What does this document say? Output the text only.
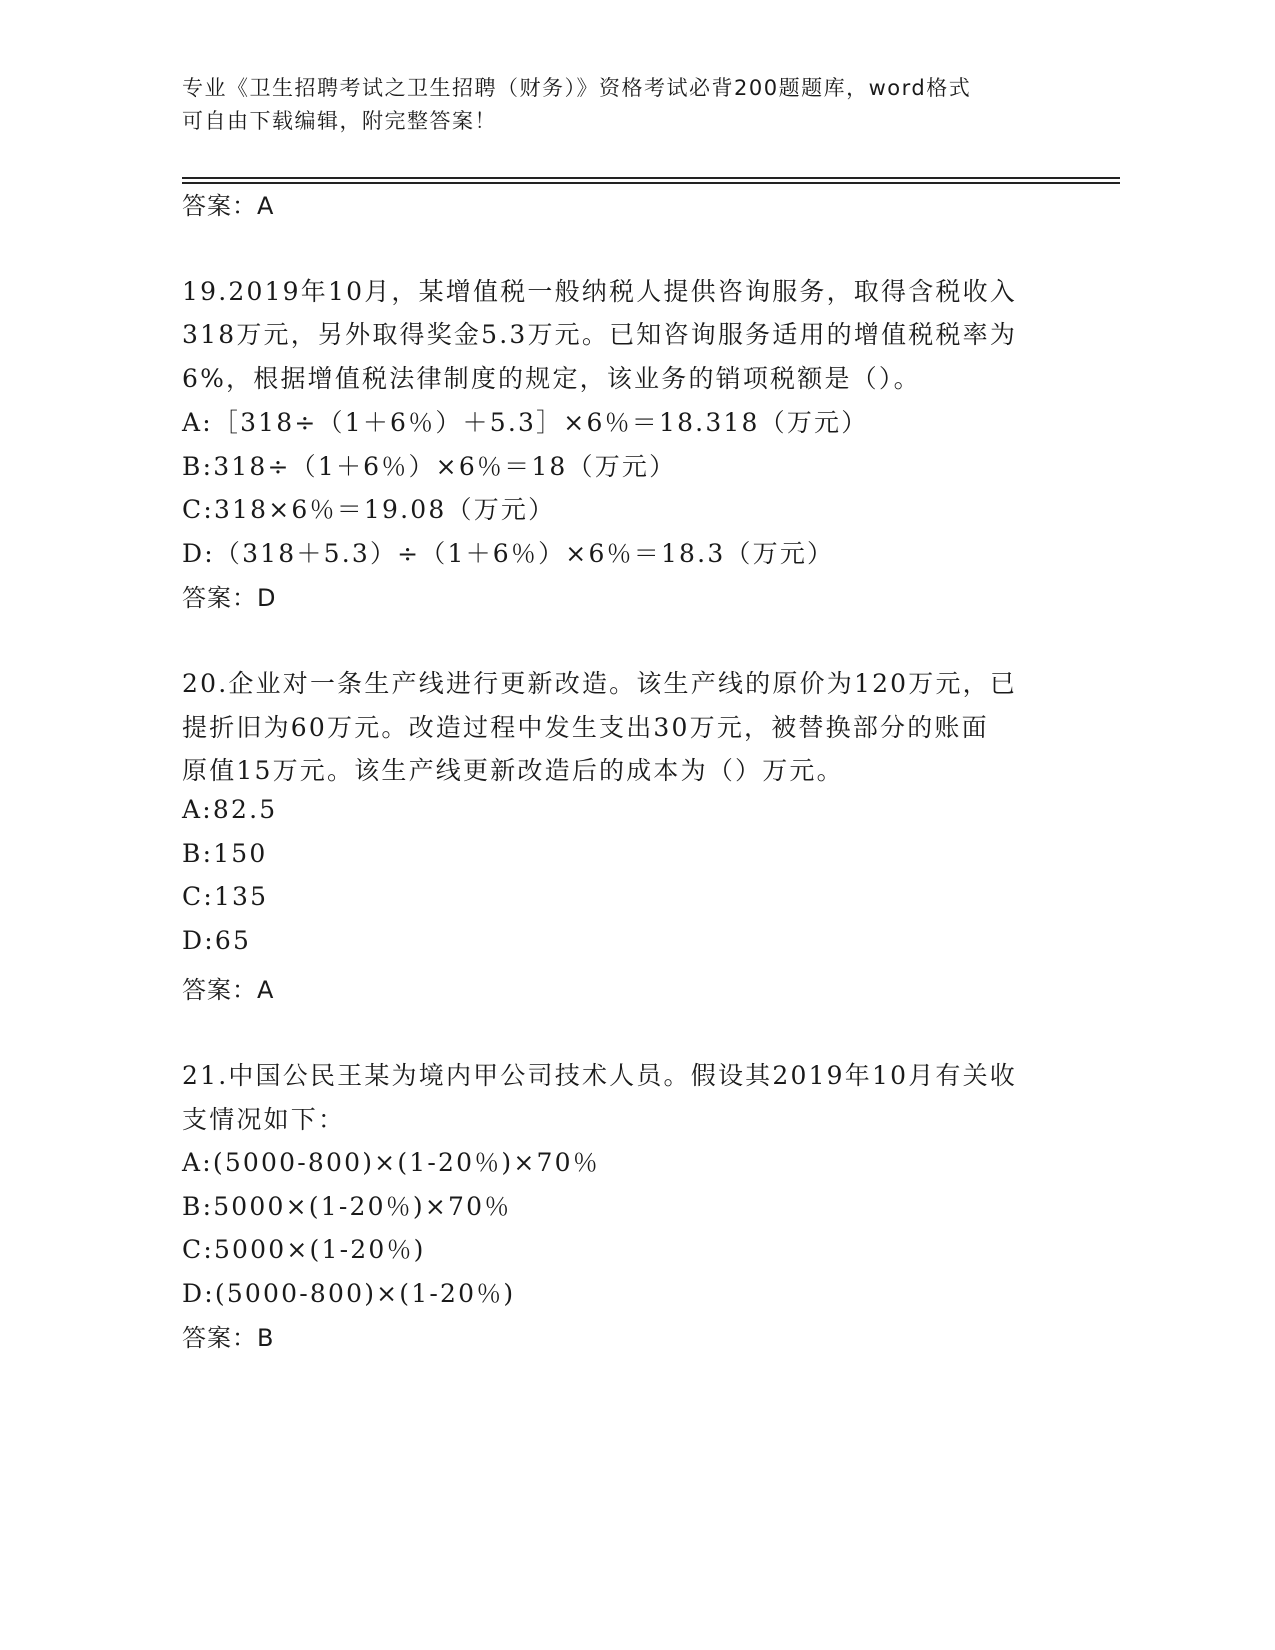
专业《卫生招聘考试之卫生招聘（财务）》资格考试必背200题题库，word格式
可自由下载编辑，附完整答案！
答案：A
19.2019年10月，某增值税一般纳税人提供咨询服务，取得含税收入
318万元，另外取得奖金5.3万元。已知咨询服务适用的增值税税率为
6%，根据增值税法律制度的规定，该业务的销项税额是（）。
A:［318÷（1＋6％）＋5.3］×6％＝18.318（万元）
B:318÷（1＋6％）×6％＝18（万元）
C:318×6％＝19.08（万元）
D:（318＋5.3）÷（1＋6％）×6％＝18.3（万元）
答案：D
20.企业对一条生产线进行更新改造。该生产线的原价为120万元，已
提折旧为60万元。改造过程中发生支出30万元，被替换部分的账面
原值15万元。该生产线更新改造后的成本为（）万元。
A:82.5
B:150
C:135
D:65
答案：A
21.中国公民王某为境内甲公司技术人员。假设其2019年10月有关收
支情况如下：
A:(5000-800)×(1-20％)×70％
B:5000×(1-20％)×70％
C:5000×(1-20％)
D:(5000-800)×(1-20％)
答案：B
